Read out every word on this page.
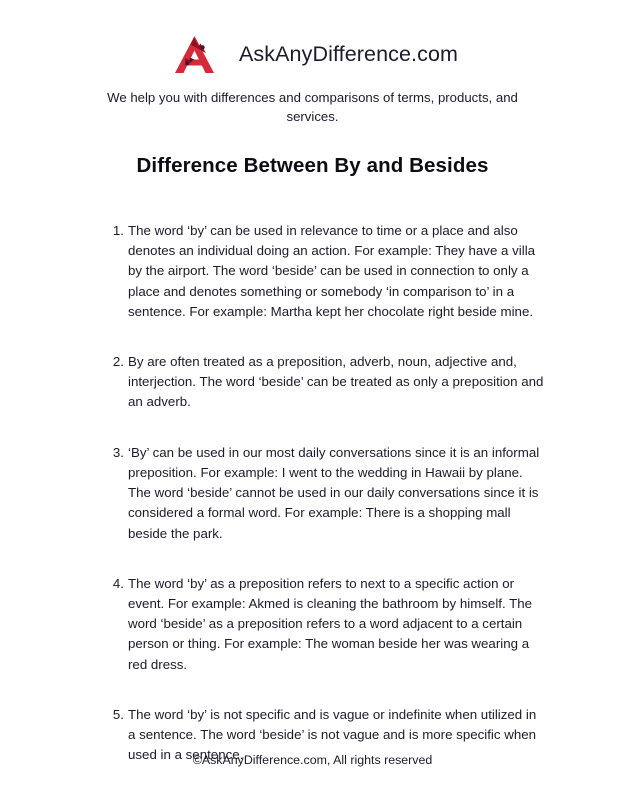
AskAnyDifference.com
We help you with differences and comparisons of terms, products, and services.
Difference Between By and Besides
1. The word ‘by’ can be used in relevance to time or a place and also denotes an individual doing an action. For example: They have a villa by the airport. The word ‘beside’ can be used in connection to only a place and denotes something or somebody ‘in comparison to’ in a sentence. For example: Martha kept her chocolate right beside mine.
2. By are often treated as a preposition, adverb, noun, adjective and, interjection. The word ‘beside’ can be treated as only a preposition and an adverb.
3. ‘By’ can be used in our most daily conversations since it is an informal preposition. For example: I went to the wedding in Hawaii by plane. The word ‘beside’ cannot be used in our daily conversations since it is considered a formal word. For example: There is a shopping mall beside the park.
4. The word ‘by’ as a preposition refers to next to a specific action or event. For example: Akmed is cleaning the bathroom by himself. The word ‘beside’ as a preposition refers to a word adjacent to a certain person or thing. For example: The woman beside her was wearing a red dress.
5. The word ‘by’ is not specific and is vague or indefinite when utilized in a sentence. The word ‘beside’ is not vague and is more specific when used in a sentence.
©AskAnyDifference.com, All rights reserved
